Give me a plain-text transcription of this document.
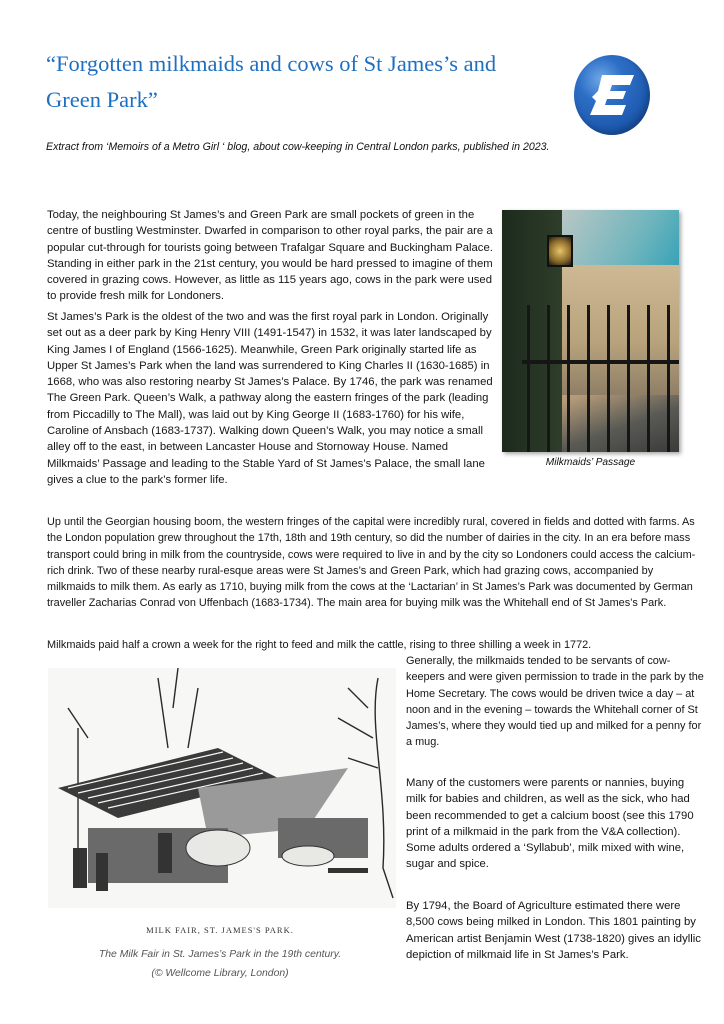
“Forgotten milkmaids and cows of St James’s and Green Park”
Extract from ‘Memoirs of a Metro Girl ‘ blog, about cow-keeping in Central London parks, published in 2023.

Today, the neighbouring St James’s and Green Park are small pockets of green in the centre of bustling Westminster. Dwarfed in comparison to other royal parks, the pair are a popular cut-through for tourists going between Trafalgar Square and Buckingham Palace. Standing in either park in the 21st century, you would be hard pressed to imagine of them covered in grazing cows. However, as little as 115 years ago, cows in the park were used to provide fresh milk for Londoners.

St James’s Park is the oldest of the two and was the first royal park in London. Originally set out as a deer park by King Henry VIII (1491-1547) in 1532, it was later landscaped by King James I of England (1566-1625). Meanwhile, Green Park originally started life as Upper St James’s Park when the land was surrendered to King Charles II (1630-1685) in 1668, who was also restoring nearby St James’s Palace. By 1746, the park was renamed The Green Park. Queen’s Walk, a pathway along the eastern fringes of the park (leading from Piccadilly to The Mall), was laid out by King George II (1683-1760) for his wife, Caroline of Ansbach (1683-1737). Walking down Queen’s Walk, you may notice a small alley off to the east, in between Lancaster House and Stornoway House. Named Milkmaids’ Passage and leading to the Stable Yard of St James’s Palace, the small lane gives a clue to the park’s former life.

Milkmaids’ Passage

Up until the Georgian housing boom, the western fringes of the capital were incredibly rural, covered in fields and dotted with farms. As the London population grew throughout the 17th, 18th and 19th century, so did the number of dairies in the city. In an era before mass transport could bring in milk from the countryside, cows were required to live in and by the city so Londoners could access the calcium-rich drink. Two of these nearby rural-esque areas were St James’s and Green Park, which had grazing cows, accompanied by milkmaids to milk them. As early as 1710, buying milk from the cows at the ‘Lactarian’ in St James’s Park was documented by German traveller Zacharias Conrad von Uffenbach (1683-1734). The main area for buying milk was the Whitehall end of St James’s Park.

Milkmaids paid half a crown a week for the right to feed and milk the cattle, rising to three shilling a week in 1772.

Generally, the milkmaids tended to be servants of cow-keepers and were given permission to trade in the park by the Home Secretary. The cows would be driven twice a day – at noon and in the evening – towards the Whitehall corner of St James’s, where they would tied up and milked for a penny for a mug.

Many of the customers were parents or nannies, buying milk for babies and children, as well as the sick, who had been recommended to get a calcium boost (see this 1790 print of a milkmaid in the park from the V&A collection). Some adults ordered a ‘Syllabub’, milk mixed with wine, sugar and spice.

By 1794, the Board of Agriculture estimated there were 8,500 cows being milked in London. This 1801 painting by American artist Benjamin West (1738-1820) gives an idyllic depiction of milkmaid life in St James’s Park.

MILK FAIR, ST. JAMES'S PARK.
The Milk Fair in St. James’s Park in the 19th century.
(© Wellcome Library, London)
